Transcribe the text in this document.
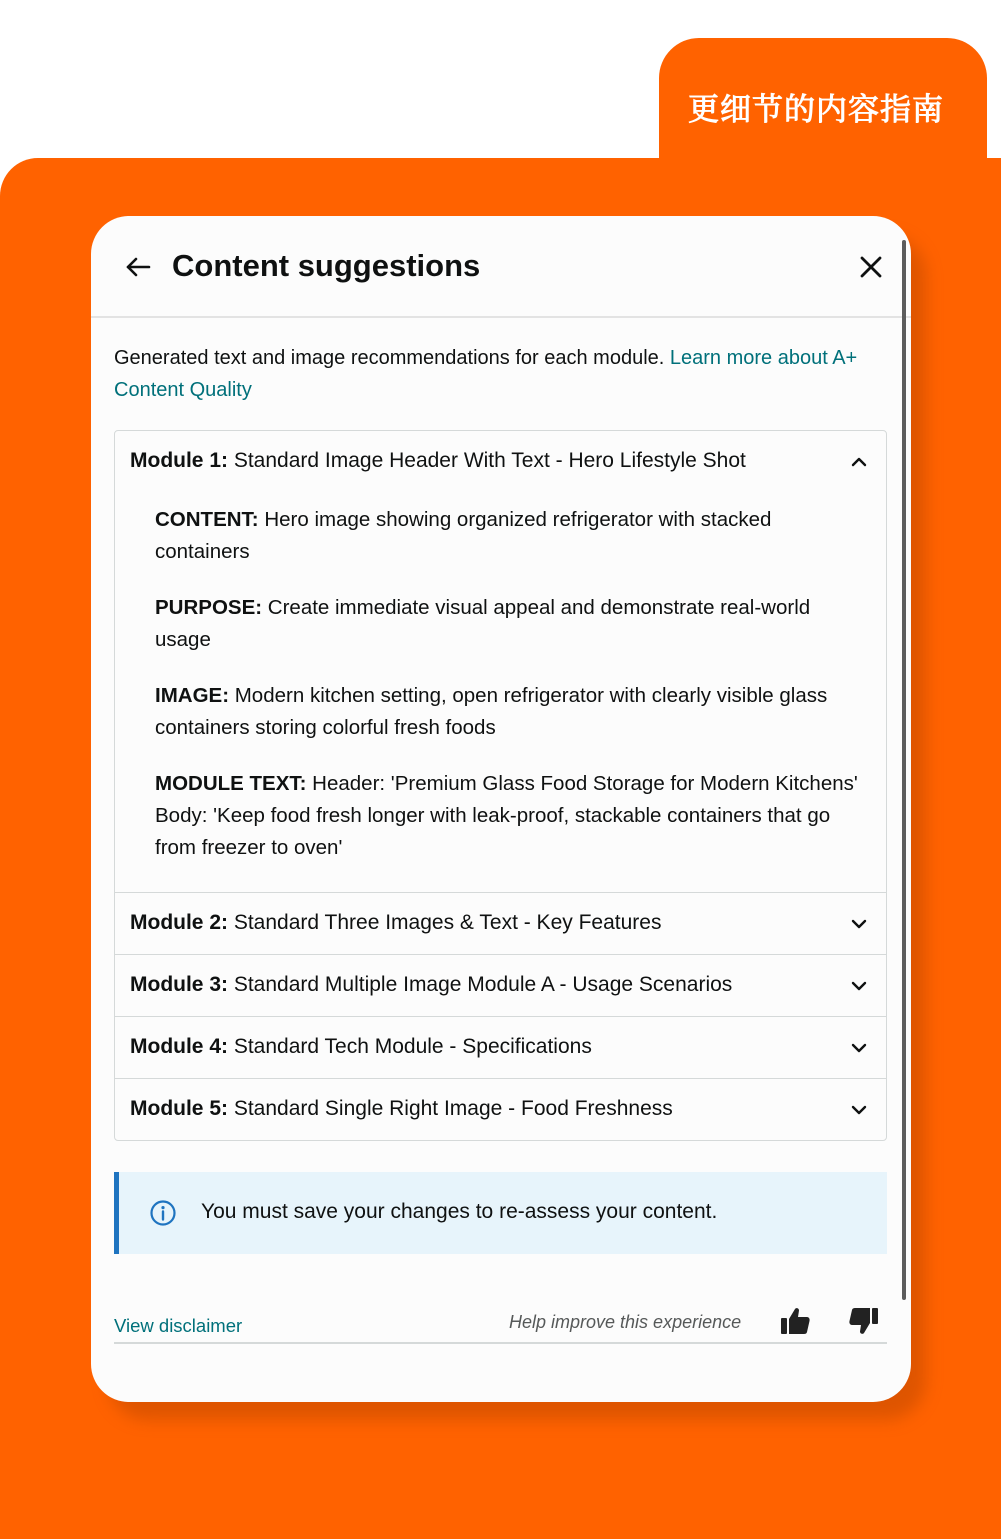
更细节的内容指南
Content suggestions
Generated text and image recommendations for each module. Learn more about A+ Content Quality
Module 1: Standard Image Header With Text - Hero Lifestyle Shot
CONTENT: Hero image showing organized refrigerator with stacked containers
PURPOSE: Create immediate visual appeal and demonstrate real-world usage
IMAGE: Modern kitchen setting, open refrigerator with clearly visible glass containers storing colorful fresh foods
MODULE TEXT: Header: 'Premium Glass Food Storage for Modern Kitchens' Body: 'Keep food fresh longer with leak-proof, stackable containers that go from freezer to oven'
Module 2: Standard Three Images & Text - Key Features
Module 3: Standard Multiple Image Module A - Usage Scenarios
Module 4: Standard Tech Module - Specifications
Module 5: Standard Single Right Image - Food Freshness
You must save your changes to re-assess your content.
View disclaimer	Help improve this experience
